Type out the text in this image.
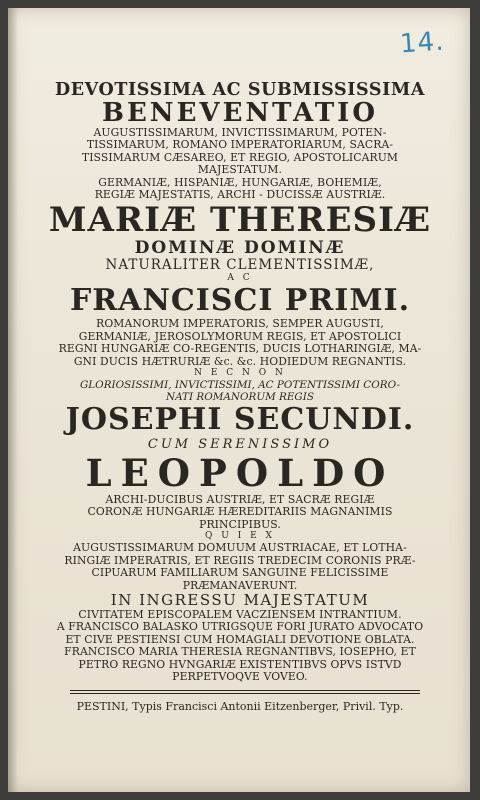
14.
DEVOTISSIMA AC SUBMISSISSIMA
BENEVENTATIO
AUGUSTISSIMARUM, INVICTISSIMARUM, POTEN-
TISSIMARUM, ROMANO IMPERATORIARUM, SACRA-
TISSIMARUM CÆSAREO, ET REGIO, APOSTOLICARUM
MAJESTATUM.
GERMANIÆ, HISPANIÆ, HUNGARIÆ, BOHEMIÆ,
REGIÆ MAJESTATIS, ARCHI - DUCISSÆ AUSTRIÆ.
MARIÆ THERESIÆ
DOMINÆ DOMINÆ
NATURALITER CLEMENTISSIMÆ,
A C
FRANCISCI PRIMI.
ROMANORUM IMPERATORIS, SEMPER AUGUSTI,
GERMANIÆ, JEROSOLYMORUM REGIS, ET APOSTOLICI
REGNI HUNGARIÆ CO-REGENTIS, DUCIS LOTHARINGIÆ, MA-
GNI DUCIS HÆTRURIÆ &c. &c. HODIEDUM REGNANTIS.
N E C N O N
GLORIOSISSIMI, INVICTISSIMI, AC POTENTISSIMI CORO-
NATI ROMANORUM REGIS
JOSEPHI SECUNDI.
CUM SERENISSIMO
LEOPOLDO
ARCHI-DUCIBUS AUSTRIÆ, ET SACRÆ REGIÆ
CORONÆ HUNGARIÆ HÆREDITARIIS MAGNANIMIS
PRINCIPIBUS.
Q U I E X
AUGUSTISSIMARUM DOMUUM AUSTRIACAE, ET LOTHA-
RINGIÆ IMPERATRIS, ET REGIIS TREDECIM CORONIS PRÆ-
CIPUARUM FAMILIARUM SANGUINE FELICISSIME
PRÆMANAVERUNT.
IN INGRESSU MAJESTATUM
CIVITATEM EPISCOPALEM VACZIENSEM INTRANTIUM.
A FRANCISCO BALASKO UTRIGSQUE FORI JURATO ADVOCATO
ET CIVE PESTIENSI CUM HOMAGIALI DEVOTIONE OBLATA.
FRANCISCO MARIA THERESIA REGNANTIBVS, IOSEPHO, ET
PETRO REGNO HVNGARIÆ EXISTENTIBVS OPVS ISTVD
PERPETVOQVE VOVEO.
PESTINI, Typis Francisci Antonii Eitzenberger, Privil. Typ.
